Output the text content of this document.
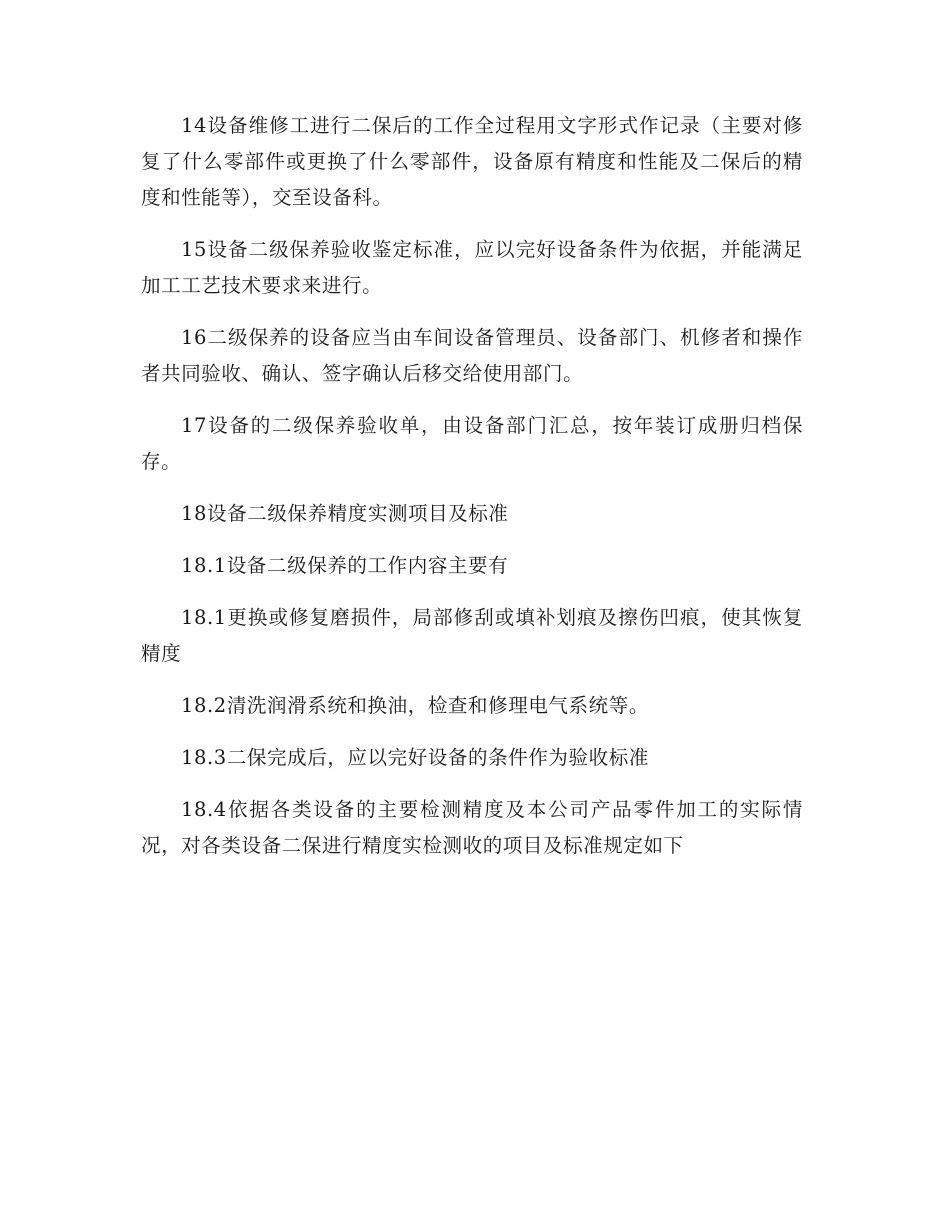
14设备维修工进行二保后的工作全过程用文字形式作记录（主要对修复了什么零部件或更换了什么零部件，设备原有精度和性能及二保后的精度和性能等），交至设备科。

15设备二级保养验收鉴定标准，应以完好设备条件为依据，并能满足加工工艺技术要求来进行。

16二级保养的设备应当由车间设备管理员、设备部门、机修者和操作者共同验收、确认、签字确认后移交给使用部门。

17设备的二级保养验收单，由设备部门汇总，按年装订成册归档保存。

18设备二级保养精度实测项目及标准

18.1设备二级保养的工作内容主要有

18.1更换或修复磨损件，局部修刮或填补划痕及擦伤凹痕，使其恢复精度

18.2清洗润滑系统和换油，检查和修理电气系统等。

18.3二保完成后，应以完好设备的条件作为验收标准

18.4依据各类设备的主要检测精度及本公司产品零件加工的实际情况，对各类设备二保进行精度实检测收的项目及标准规定如下
